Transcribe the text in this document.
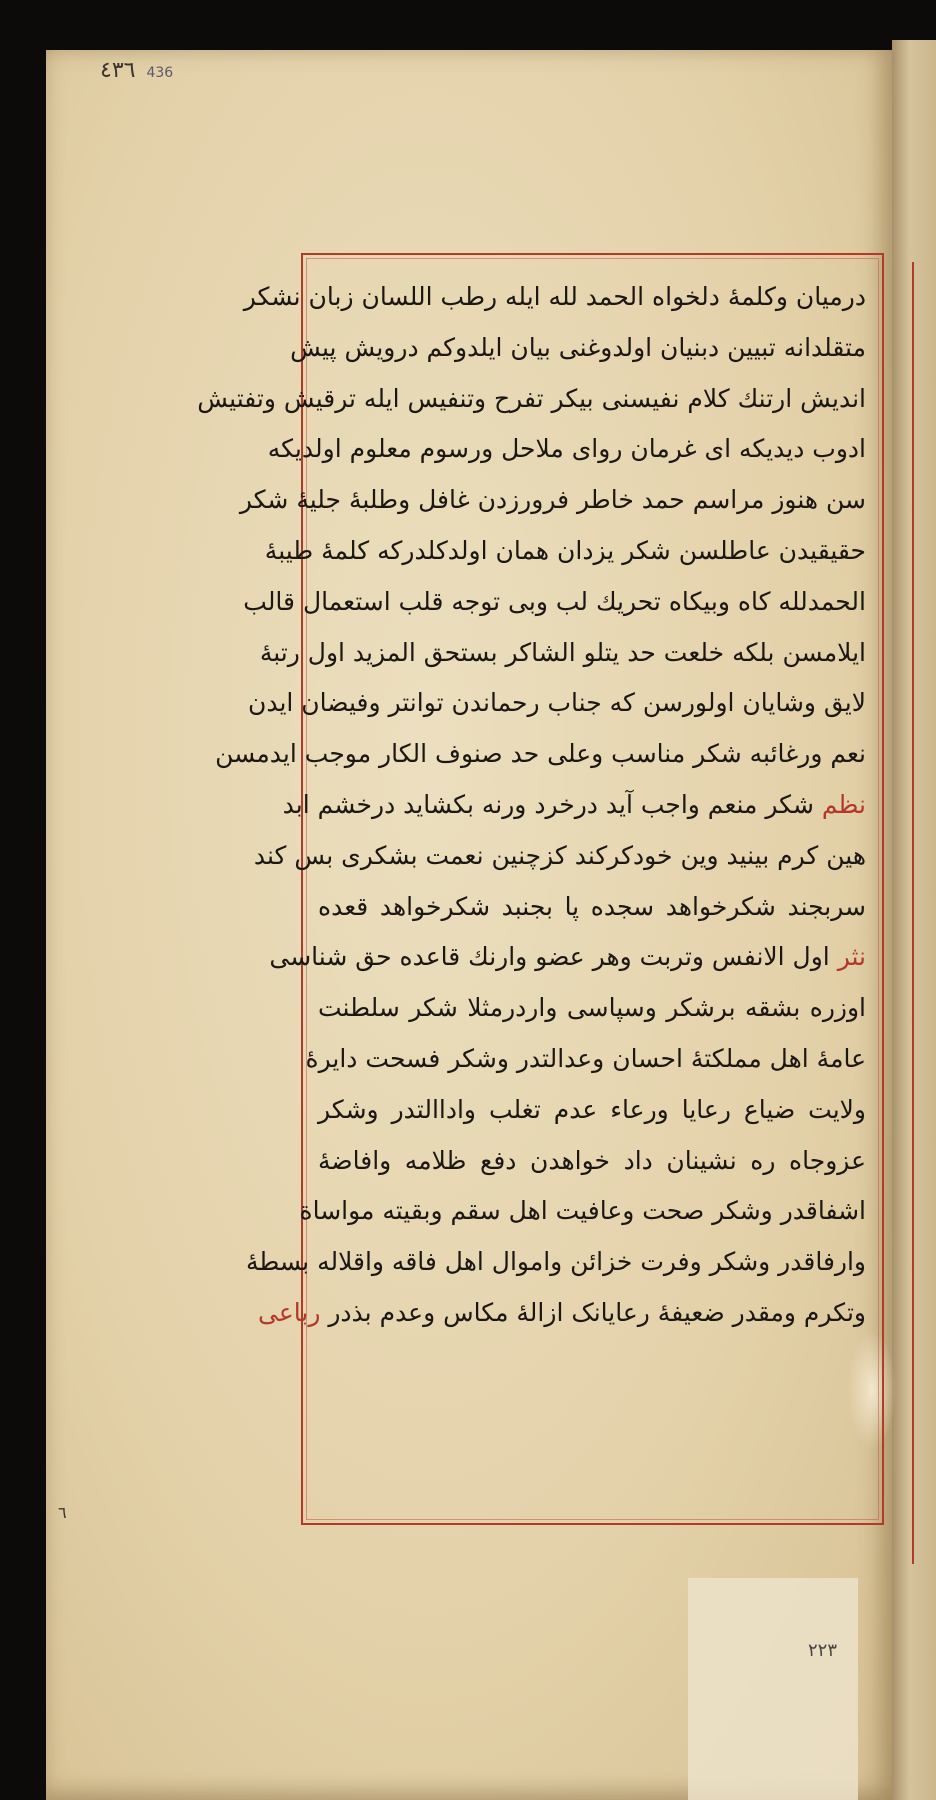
٤٣٦ 436
درمیان وکلمهٔ دلخواه الحمد لله ایله رطب اللسان زبان نشکر
متقلدانه تبیین دبنیان اولدوغنی بیان ایلدوکم درویش پیش
اندیش ارتنك کلام نفیسنی بیکر تفرح وتنفیس ایله ترقیش وتفتیش
ادوب دیدیکه ای غرمان روای ملاحل ورسوم معلوم اولدیکه
سن هنوز مراسم حمد خاطر فرورزدن غافل وطلبهٔ جلیهٔ شکر
حقیقیدن عاطلسن شکر یزدان همان اولدکلدرکه کلمهٔ طیبهٔ
الحمدلله کاه وبیکاه تحریك لب وبی توجه قلب استعمال قالب
ایلامسن بلکه خلعت حد یتلو الشاکر بستحق المزید اول رتبهٔ
لایق وشایان اولورسن که جناب رحماندن توانتر وفیضان ایدن
نعم ورغائبه شکر مناسب وعلی حد صنوف الکار موجب ایدمسن
نظم شکر منعم واجب آید درخرد ورنه بکشاید درخشم ابد
هین کرم بینید وین خودکرکند کزچنین نعمت بشکری بس کند
سربجند شکرخواهد سجده پا بجنبد شکرخواهد قعده
نثر اول الانفس وتربت وهر عضو وارنك قاعده حق شناسی
اوزره بشقه برشکر وسپاسی واردرمثلا شکر سلطنت
عامهٔ اهل مملکتهٔ احسان وعدالتدر وشکر فسحت دایرهٔ
ولایت ضیاع رعایا ورعاء عدم تغلب واداالتدر وشکر
عزوجاه ره نشینان داد خواهدن دفع ظلامه وافاضهٔ
اشفاقدر وشکر صحت وعافیت اهل سقم وبقیته مواساة
وارفاقدر وشکر وفرت خزائن واموال اهل فاقه واقلاله بسطهٔ
وتکرم ومقدر ضعیفهٔ رعایانک ازالهٔ مکاس وعدم بذدر رباعی
٦
٢٢٣
